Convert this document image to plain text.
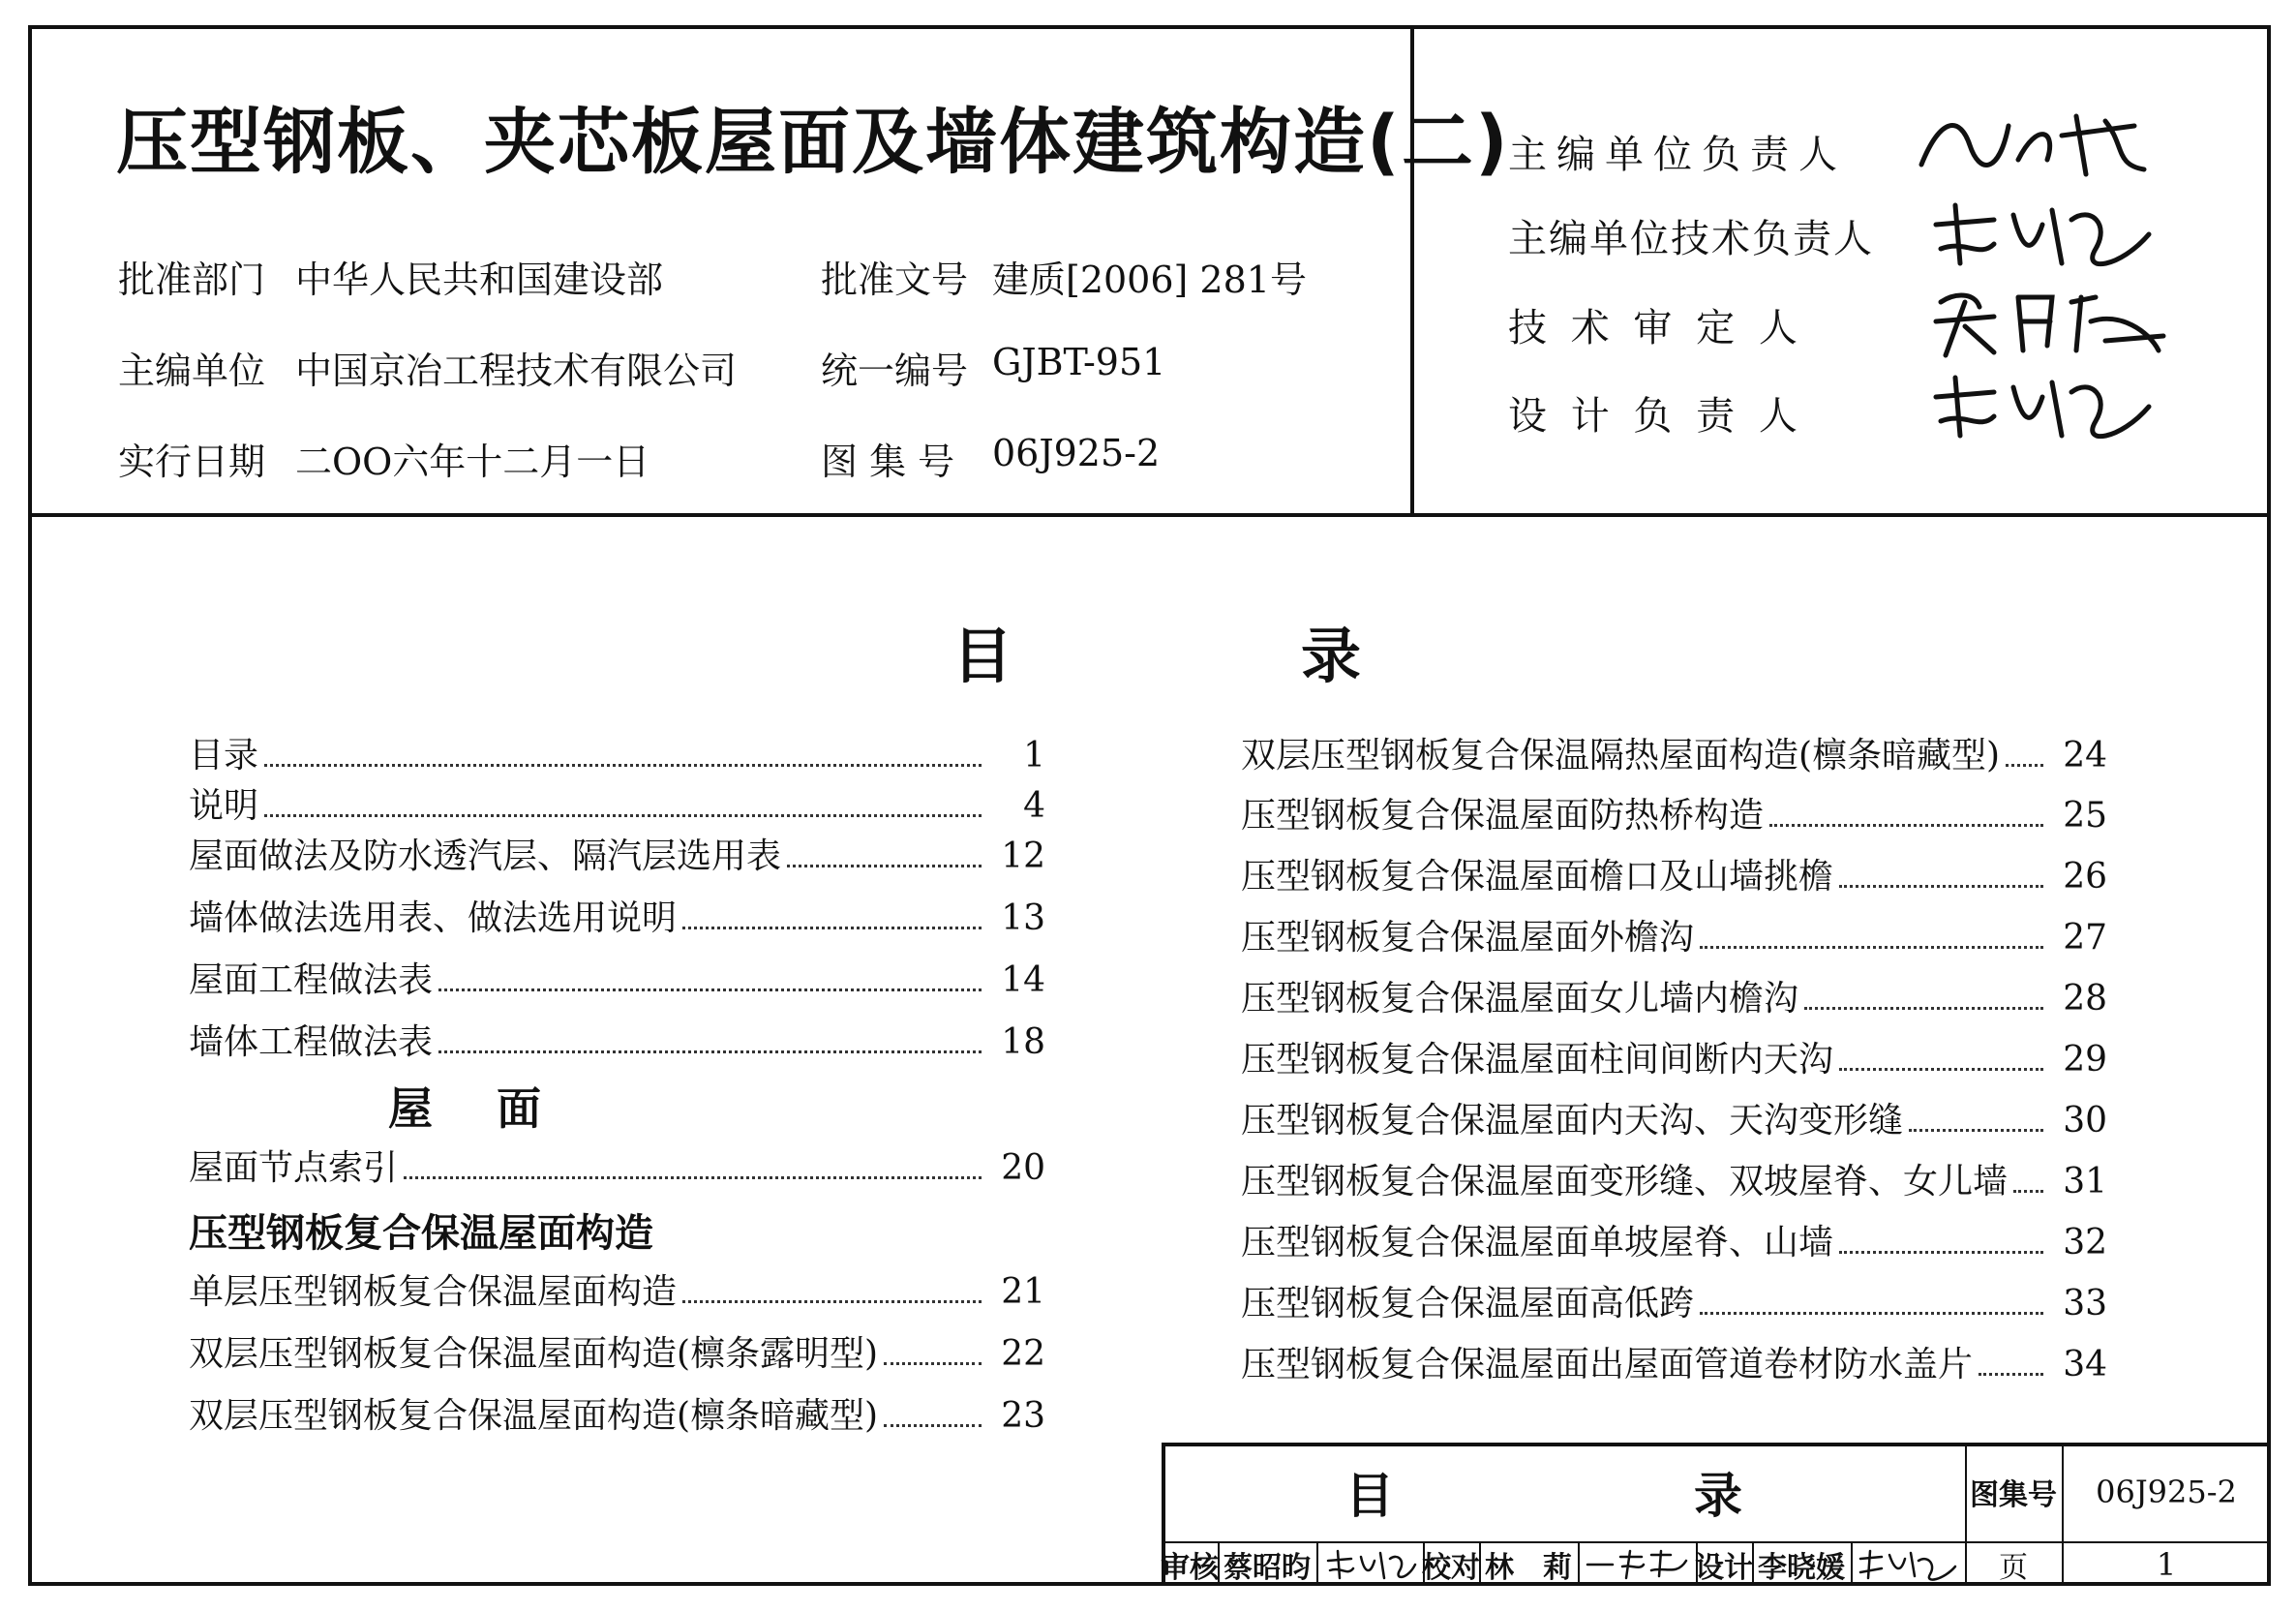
压型钢板、夹芯板屋面及墙体建筑构造(二)
批准部门 中华人民共和国建设部	批准文号 建质[2006] 281号
主编单位 中国京冶工程技术有限公司 统一编号 GJBT-951
实行日期 二OO六年十二月一日	图 集 号 06J925-2
主编单位负责人
主编单位技术负责人
技 术 审 定 人
设 计 负 责 人
目　　　录
目录	1
说明	4
屋面做法及防水透汽层、隔汽层选用表	12
墙体做法选用表、做法选用说明	13
屋面工程做法表	14
墙体工程做法表	18
屋　面
屋面节点索引	20
压型钢板复合保温屋面构造
单层压型钢板复合保温屋面构造	21
双层压型钢板复合保温屋面构造(檩条露明型)	22
双层压型钢板复合保温屋面构造(檩条暗藏型)	23
双层压型钢板复合保温隔热屋面构造(檩条暗藏型)	24
压型钢板复合保温屋面防热桥构造	25
压型钢板复合保温屋面檐口及山墙挑檐	26
压型钢板复合保温屋面外檐沟	27
压型钢板复合保温屋面女儿墙内檐沟	28
压型钢板复合保温屋面柱间间断内天沟	29
压型钢板复合保温屋面内天沟、天沟变形缝	30
压型钢板复合保温屋面变形缝、双坡屋脊、女儿墙	31
压型钢板复合保温屋面单坡屋脊、山墙	32
压型钢板复合保温屋面高低跨	33
压型钢板复合保温屋面出屋面管道卷材防水盖片	34
目　　　录	图集号	06J925-2
审核 蔡昭昀	校对 林　莉	设计 李晓媛	页	1
